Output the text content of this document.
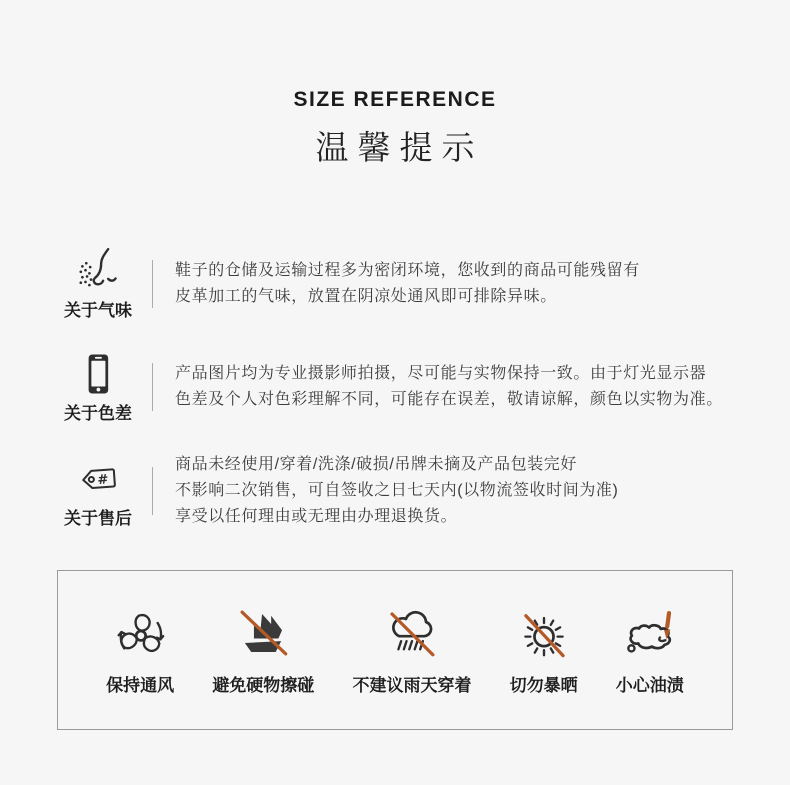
SIZE REFERENCE
温馨提示
关于气味
鞋子的仓储及运输过程多为密闭环境，您收到的商品可能残留有
皮革加工的气味，放置在阴凉处通风即可排除异味。
关于色差
产品图片均为专业摄影师拍摄，尽可能与实物保持一致。由于灯光显示器
色差及个人对色彩理解不同，可能存在误差，敬请谅解，颜色以实物为准。
#
关于售后
商品未经使用/穿着/洗涤/破损/吊牌未摘及产品包装完好
不影响二次销售，可自签收之日七天内(以物流签收时间为准)
享受以任何理由或无理由办理退换货。
保持通风 避免硬物擦碰 不建议雨天穿着 切勿暴晒 小心油渍
